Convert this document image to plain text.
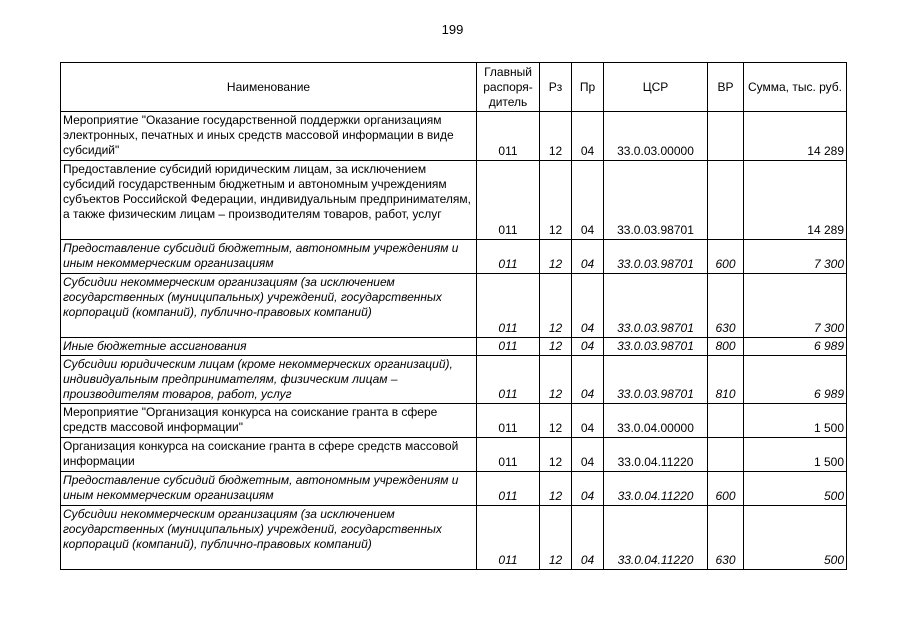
199
Наименование	Главный распоря-дитель	Рз	Пр	ЦСР	ВР	Сумма, тыс. руб.
Мероприятие "Оказание государственной поддержки организациям электронных, печатных и иных средств массовой информации в виде субсидий"	011	12	04	33.0.03.00000		14 289
Предоставление субсидий юридическим лицам, за исключением субсидий государственным бюджетным и автономным учреждениям субъектов Российской Федерации, индивидуальным предпринимателям, а также физическим лицам – производителям товаров, работ, услуг	011	12	04	33.0.03.98701		14 289
Предоставление субсидий бюджетным, автономным учреждениям и иным некоммерческим организациям	011	12	04	33.0.03.98701	600	7 300
Субсидии некоммерческим организациям (за исключением государственных (муниципальных) учреждений, государственных корпораций (компаний), публично-правовых компаний)	011	12	04	33.0.03.98701	630	7 300
Иные бюджетные ассигнования	011	12	04	33.0.03.98701	800	6 989
Субсидии юридическим лицам (кроме некоммерческих организаций), индивидуальным предпринимателям, физическим лицам – производителям товаров, работ, услуг	011	12	04	33.0.03.98701	810	6 989
Мероприятие "Организация конкурса на соискание гранта в сфере средств массовой информации"	011	12	04	33.0.04.00000		1 500
Организация конкурса на соискание гранта в сфере средств массовой информации	011	12	04	33.0.04.11220		1 500
Предоставление субсидий бюджетным, автономным учреждениям и иным некоммерческим организациям	011	12	04	33.0.04.11220	600	500
Субсидии некоммерческим организациям (за исключением государственных (муниципальных) учреждений, государственных корпораций (компаний), публично-правовых компаний)	011	12	04	33.0.04.11220	630	500
